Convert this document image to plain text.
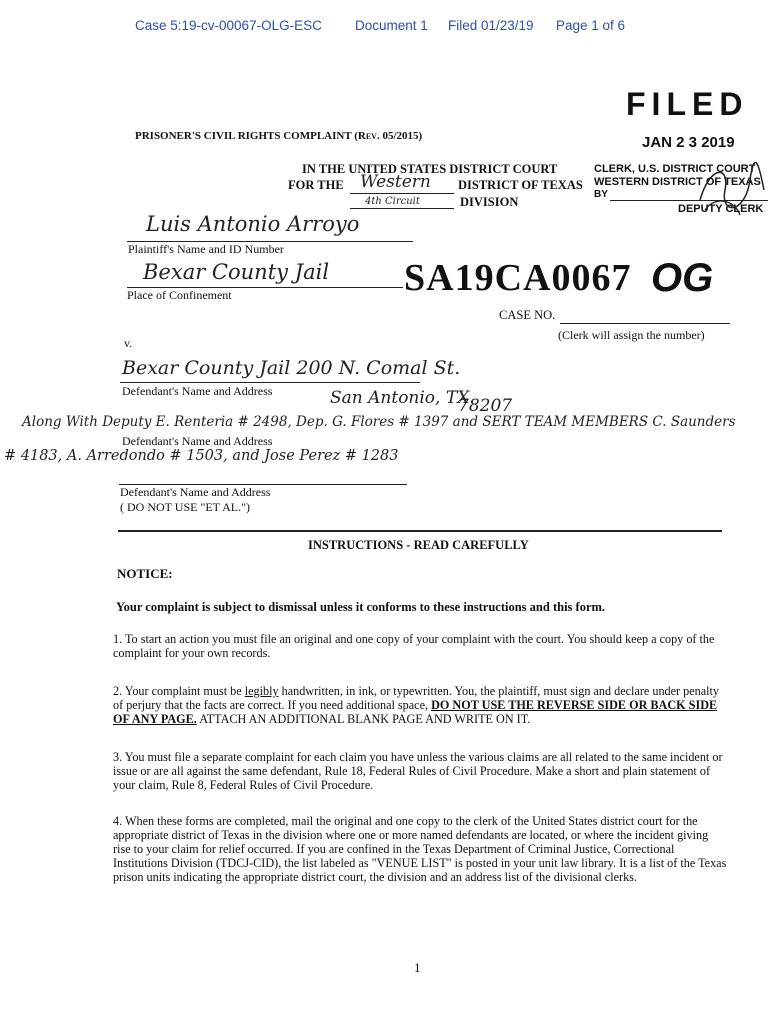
Case 5:19-cv-00067-OLG-ESC Document 1 Filed 01/23/19 Page 1 of 6
FILED
JAN 2 3 2019
CLERK, U.S. DISTRICT COURT
WESTERN DISTRICT OF TEXAS
BY
DEPUTY CLERK
PRISONER'S CIVIL RIGHTS COMPLAINT (Rev. 05/2015)
IN THE UNITED STATES DISTRICT COURT
FOR THE Western DISTRICT OF TEXAS
4th Circuit	DIVISION
Luis Antonio Arroyo
Plaintiff's Name and ID Number
Bexar County Jail
Place of Confinement	SA19CA0067 OG
CASE NO.
(Clerk will assign the number)
v.
Bexar County Jail 200 N. Comal St.
Defendant's Name and Address	San Antonio, TX.
78207
Along With Deputy E. Renteria # 2498, Dep. G. Flores # 1397 and SERT TEAM MEMBERS C. Saunders
Defendant's Name and Address
# 4183, A. Arredondo # 1503, and Jose Perez # 1283
Defendant's Name and Address
( DO NOT USE "ET AL.")
INSTRUCTIONS - READ CAREFULLY
NOTICE:
Your complaint is subject to dismissal unless it conforms to these instructions and this form.
1. To start an action you must file an original and one copy of your complaint with the court. You should keep a copy of the complaint for your own records.
2. Your complaint must be legibly handwritten, in ink, or typewritten. You, the plaintiff, must sign and declare under penalty of perjury that the facts are correct. If you need additional space, DO NOT USE THE REVERSE SIDE OR BACK SIDE OF ANY PAGE. ATTACH AN ADDITIONAL BLANK PAGE AND WRITE ON IT.
3. You must file a separate complaint for each claim you have unless the various claims are all related to the same incident or issue or are all against the same defendant, Rule 18, Federal Rules of Civil Procedure. Make a short and plain statement of your claim, Rule 8, Federal Rules of Civil Procedure.
4. When these forms are completed, mail the original and one copy to the clerk of the United States district court for the appropriate district of Texas in the division where one or more named defendants are located, or where the incident giving rise to your claim for relief occurred. If you are confined in the Texas Department of Criminal Justice, Correctional Institutions Division (TDCJ-CID), the list labeled as "VENUE LIST" is posted in your unit law library. It is a list of the Texas prison units indicating the appropriate district court, the division and an address list of the divisional clerks.
1
